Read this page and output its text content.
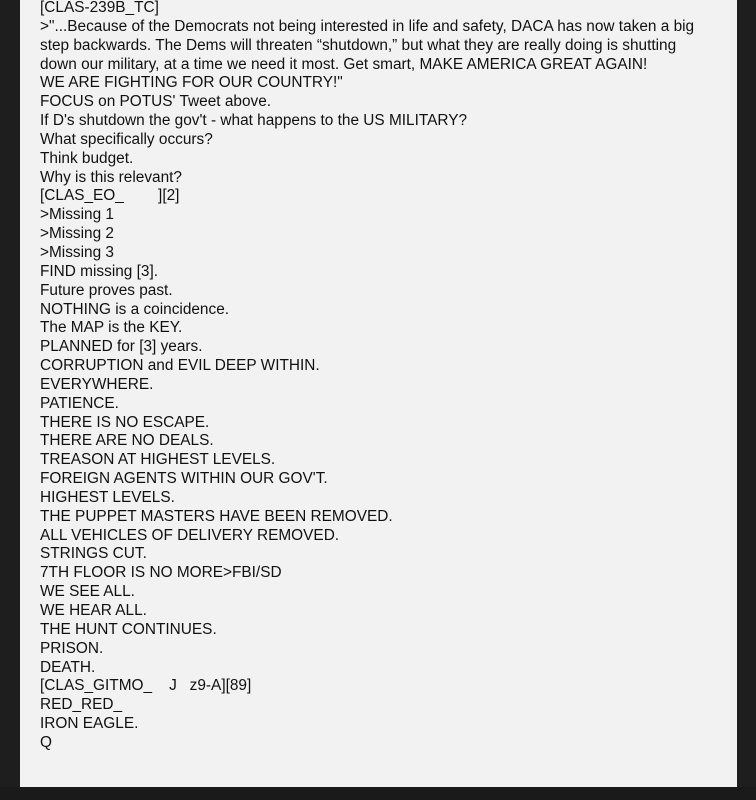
[CLAS-239B_TC]
>"...Because of the Democrats not being interested in life and safety, DACA has now taken a big step backwards. The Dems will threaten “shutdown,” but what they are really doing is shutting down our military, at a time we need it most. Get smart, MAKE AMERICA GREAT AGAIN!
WE ARE FIGHTING FOR OUR COUNTRY!"
FOCUS on POTUS' Tweet above.
If D's shutdown the gov't - what happens to the US MILITARY?
What specifically occurs?
Think budget.
Why is this relevant?
[CLAS_EO_        ][2]
>Missing 1
>Missing 2
>Missing 3
FIND missing [3].
Future proves past.
NOTHING is a coincidence.
The MAP is the KEY.
PLANNED for [3] years.
CORRUPTION and EVIL DEEP WITHIN.
EVERYWHERE.
PATIENCE.
THERE IS NO ESCAPE.
THERE ARE NO DEALS.
TREASON AT HIGHEST LEVELS.
FOREIGN AGENTS WITHIN OUR GOV'T.
HIGHEST LEVELS.
THE PUPPET MASTERS HAVE BEEN REMOVED.
ALL VEHICLES OF DELIVERY REMOVED.
STRINGS CUT.
7TH FLOOR IS NO MORE>FBI/SD
WE SEE ALL.
WE HEAR ALL.
THE HUNT CONTINUES.
PRISON.
DEATH.
[CLAS_GITMO_    J   z9-A][89]
RED_RED_
IRON EAGLE.
Q
